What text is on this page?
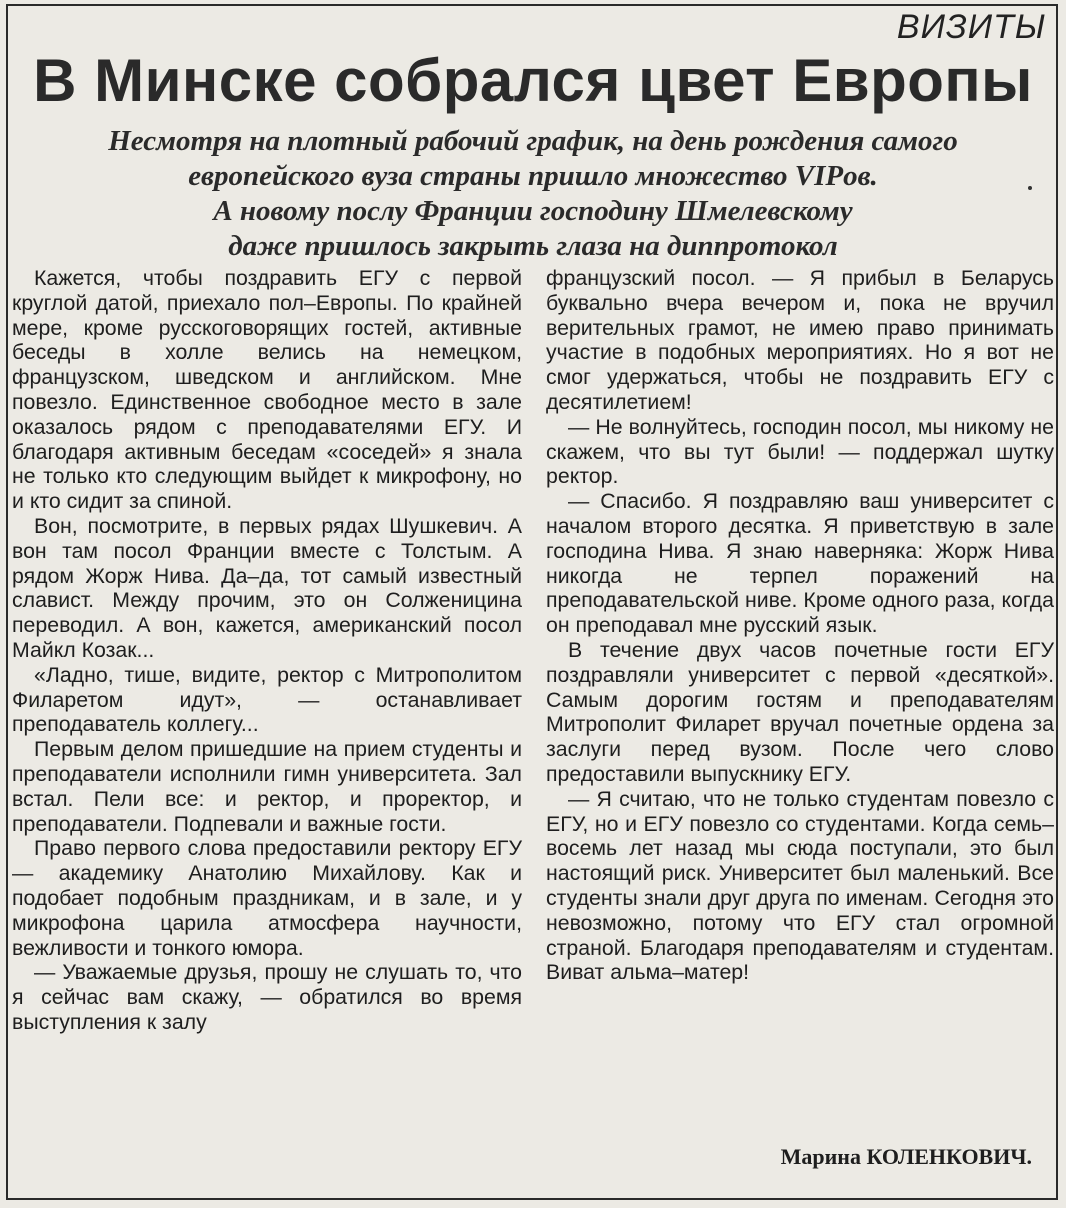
ВИЗИТЫ
В Минске собрался цвет Европы
Несмотря на плотный рабочий график, на день рождения самого
европейского вуза страны пришло множество VIPов.
А новому послу Франции господину Шмелевскому
даже пришлось закрыть глаза на диппротокол

Кажется, чтобы поздравить ЕГУ с первой круглой датой, приехало пол–Европы. По крайней мере, кроме русскоговорящих гостей, активные беседы в холле велись на немецком, французском, шведском и английском. Мне повезло. Единственное свободное место в зале оказалось рядом с преподавателями ЕГУ. И благодаря активным беседам «соседей» я знала не только кто следующим выйдет к микрофону, но и кто сидит за спиной.

Вон, посмотрите, в первых рядах Шушкевич. А вон там посол Франции вместе с Толстым. А рядом Жорж Нива. Да–да, тот самый известный славист. Между прочим, это он Солженицина переводил. А вон, кажется, американский посол Майкл Козак...

«Ладно, тише, видите, ректор с Митрополитом Филаретом идут», — останавливает преподаватель коллегу...

Первым делом пришедшие на прием студенты и преподаватели исполнили гимн университета. Зал встал. Пели все: и ректор, и проректор, и преподаватели. Подпевали и важные гости.

Право первого слова предоставили ректору ЕГУ — академику Анатолию Михайлову. Как и подобает подобным праздникам, и в зале, и у микрофона царила атмосфера научности, вежливости и тонкого юмора.

— Уважаемые друзья, прошу не слушать то, что я сейчас вам скажу, — обратился во время выступления к залу

французский посол. — Я прибыл в Беларусь буквально вчера вечером и, пока не вручил верительных грамот, не имею право принимать участие в подобных мероприятиях. Но я вот не смог удержаться, чтобы не поздравить ЕГУ с десятилетием!

— Не волнуйтесь, господин посол, мы никому не скажем, что вы тут были! — поддержал шутку ректор.

— Спасибо. Я поздравляю ваш университет с началом второго десятка. Я приветствую в зале господина Нива. Я знаю наверняка: Жорж Нива никогда не терпел поражений на преподавательской ниве. Кроме одного раза, когда он преподавал мне русский язык.

В течение двух часов почетные гости ЕГУ поздравляли университет с первой «десяткой». Самым дорогим гостям и преподавателям Митрополит Филарет вручал почетные ордена за заслуги перед вузом. После чего слово предоставили выпускнику ЕГУ.

— Я считаю, что не только студентам повезло с ЕГУ, но и ЕГУ повезло со студентами. Когда семь–восемь лет назад мы сюда поступали, это был настоящий риск. Университет был маленький. Все студенты знали друг друга по именам. Сегодня это невозможно, потому что ЕГУ стал огромной страной. Благодаря преподавателям и студентам. Виват альма–матер!

Марина КОЛЕНКОВИЧ.
